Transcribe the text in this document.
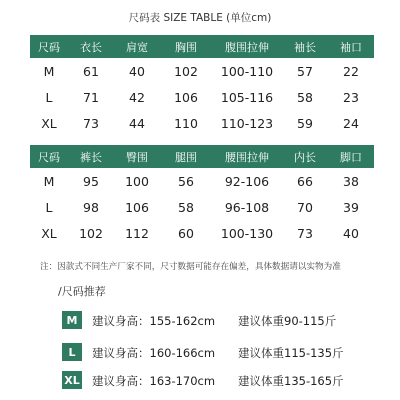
尺码表 SIZE TABLE (单位cm)
尺码	衣长	肩宽	胸围	腹围拉伸	袖长	袖口
M	61	40	102	100-110	57	22
L	71	42	106	105-116	58	23
XL	73	44	110	110-123	59	24
尺码	裤长	臀围	腿围	腰围拉伸	内长	脚口
M	95	100	56	92-106	66	38
L	98	106	58	96-108	70	39
XL	102	112	60	100-130	73	40
注：因款式不同生产厂家不同，尺寸数据可能存在偏差，具体数据请以实物为准
/尺码推荐
M	建议身高：155-162cm 建议体重90-115斤
L	建议身高：160-166cm 建议体重115-135斤
XL 建议身高：163-170cm 建议体重135-165斤
